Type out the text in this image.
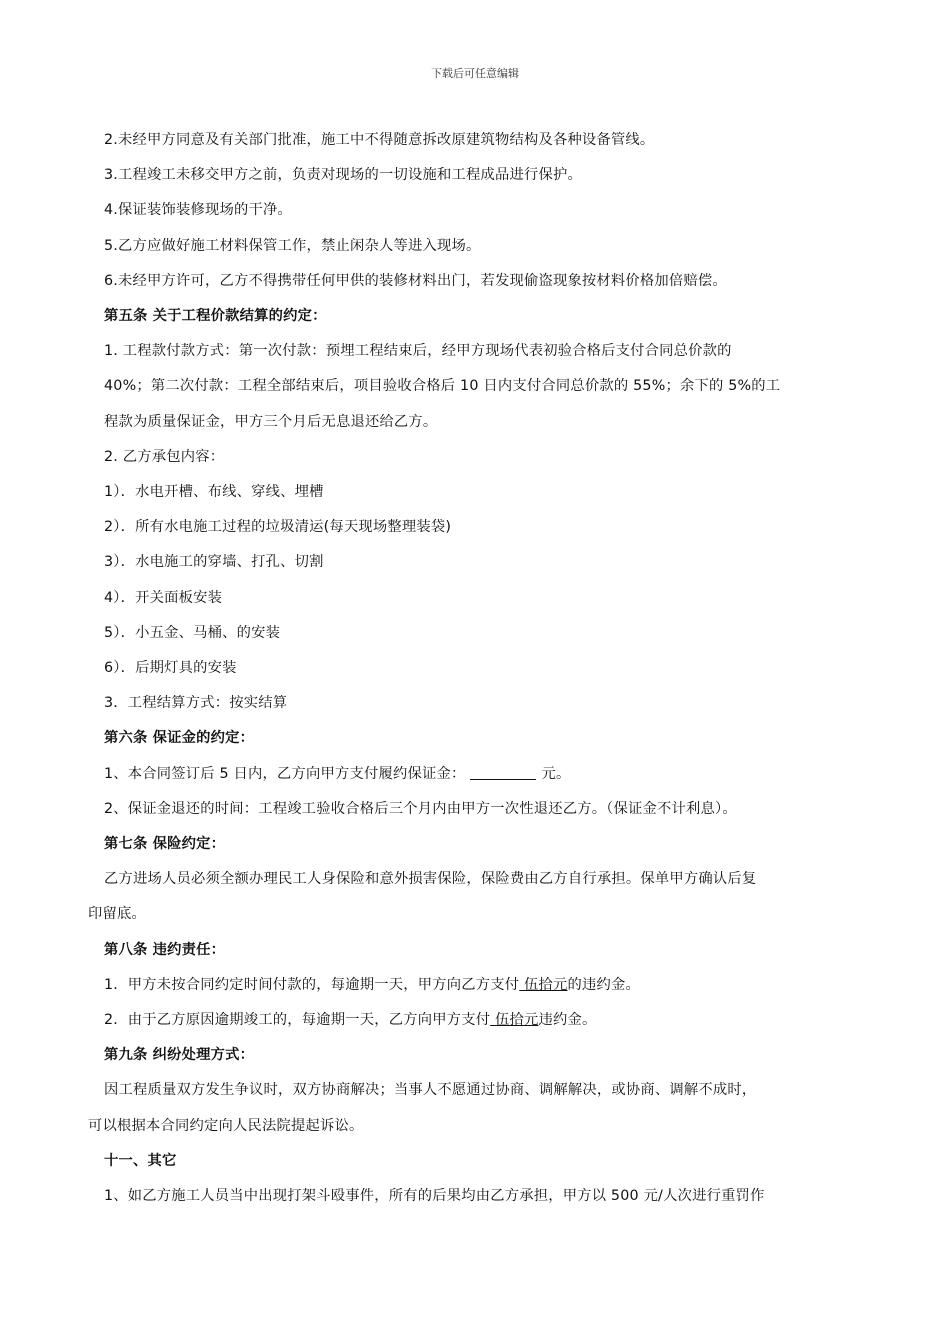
下载后可任意编辑
2.未经甲方同意及有关部门批准，施工中不得随意拆改原建筑物结构及各种设备管线。
3.工程竣工未移交甲方之前，负责对现场的一切设施和工程成品进行保护。
4.保证装饰装修现场的干净。
5.乙方应做好施工材料保管工作，禁止闲杂人等进入现场。
6.未经甲方许可，乙方不得携带任何甲供的装修材料出门，若发现偷盗现象按材料价格加倍赔偿。
第五条 关于工程价款结算的约定：
1. 工程款付款方式：第一次付款：预埋工程结束后，经甲方现场代表初验合格后支付合同总价款的
40%；第二次付款：工程全部结束后，项目验收合格后 10 日内支付合同总价款的 55%；余下的 5%的工
程款为质量保证金，甲方三个月后无息退还给乙方。
2. 乙方承包内容：
1）．水电开槽、布线、穿线、埋槽
2）．所有水电施工过程的垃圾清运(每天现场整理装袋)
3）．水电施工的穿墙、打孔、切割
4）．开关面板安装
5）．小五金、马桶、的安装
6）．后期灯具的安装
3．工程结算方式：按实结算
第六条 保证金的约定：
1、本合同签订后 5 日内，乙方向甲方支付履约保证金：	元。
2、保证金退还的时间：工程竣工验收合格后三个月内由甲方一次性退还乙方。（保证金不计利息）。
第七条 保险约定：
乙方进场人员必须全额办理民工人身保险和意外损害保险，保险费由乙方自行承担。保单甲方确认后复
印留底。
第八条 违约责任：
1．甲方未按合同约定时间付款的，每逾期一天，甲方向乙方支付 伍拾元的违约金。
2．由于乙方原因逾期竣工的，每逾期一天，乙方向甲方支付 伍拾元违约金。
第九条 纠纷处理方式：
因工程质量双方发生争议时，双方协商解决；当事人不愿通过协商、调解解决，或协商、调解不成时，
可以根据本合同约定向人民法院提起诉讼。
十一、其它
1、如乙方施工人员当中出现打架斗殴事件，所有的后果均由乙方承担，甲方以 500 元/人次进行重罚作
